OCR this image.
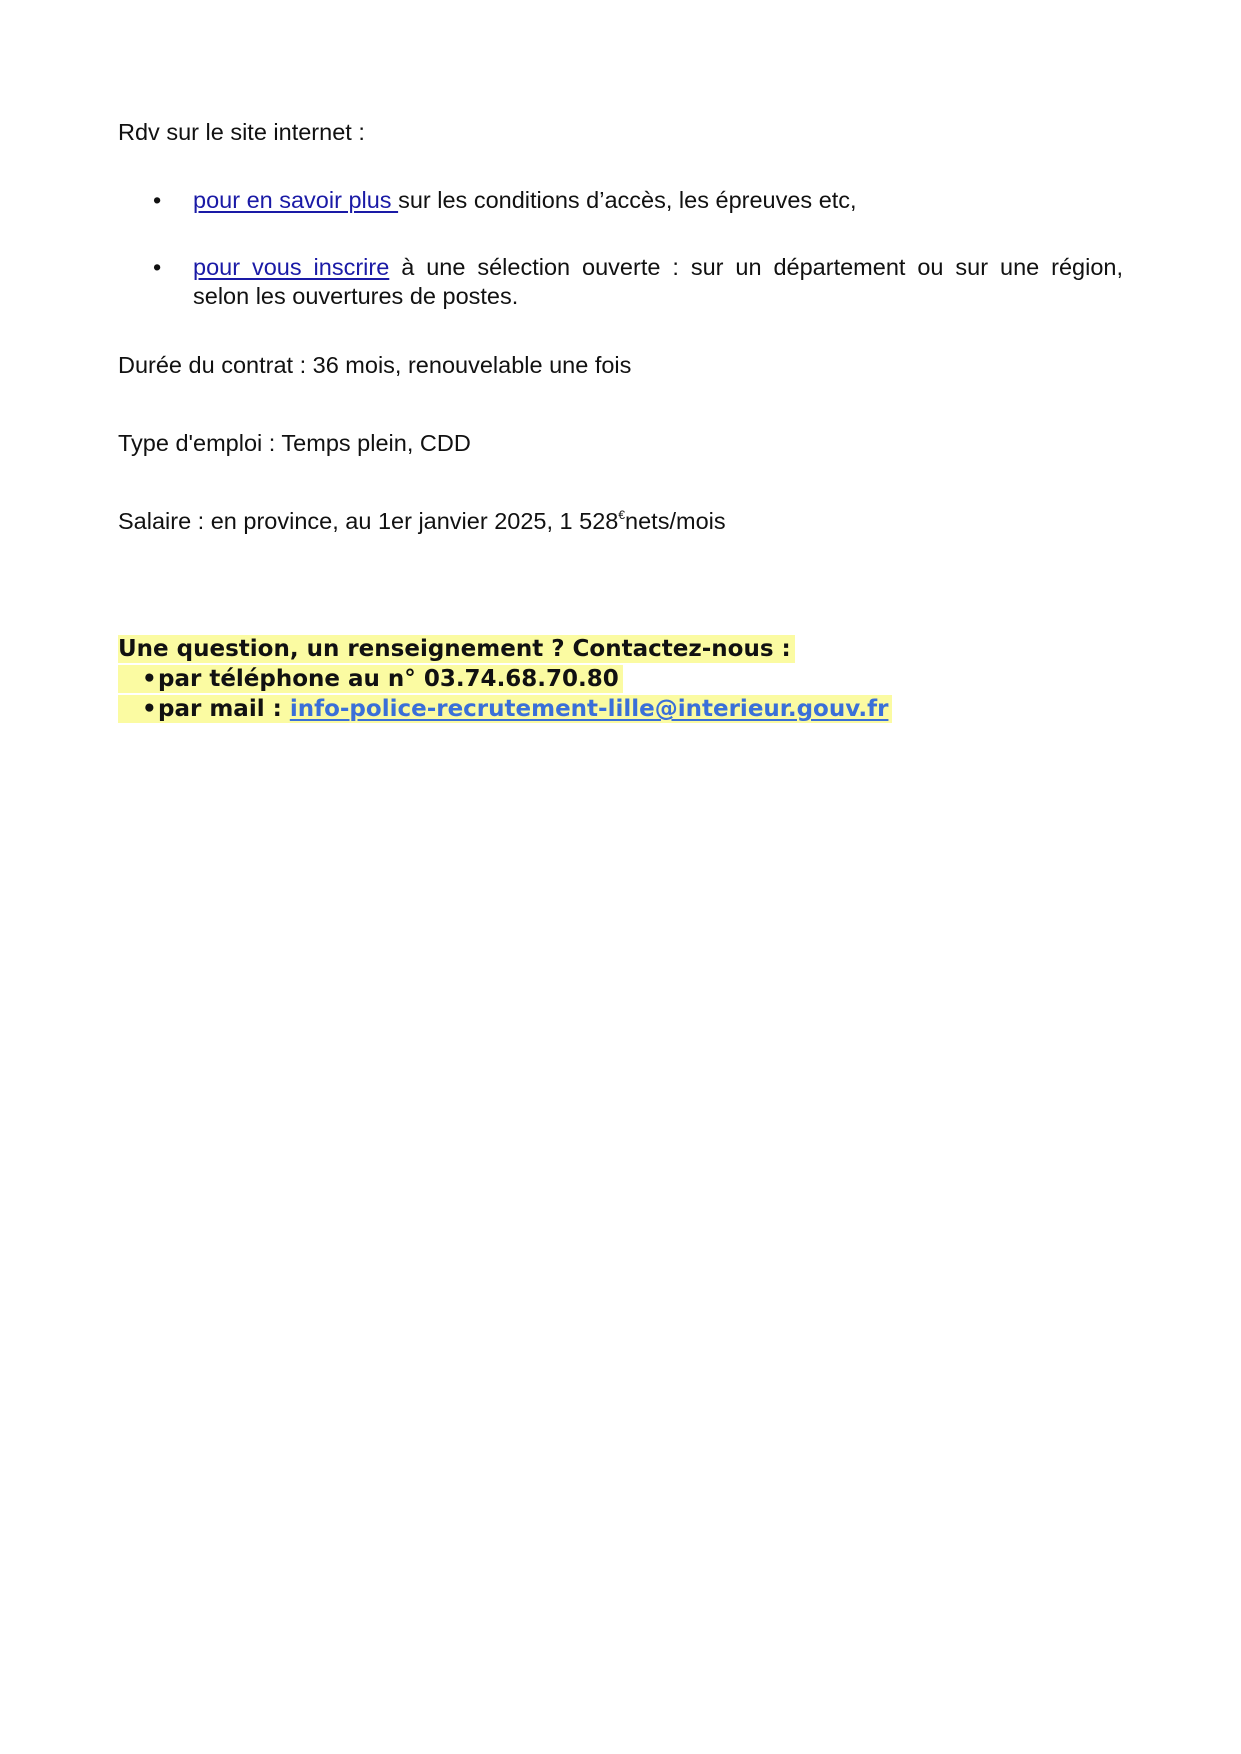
Rdv sur le site internet :
•	pour en savoir plus sur les conditions d’accès, les épreuves etc,
•	pour vous inscrire à une sélection ouverte : sur un département ou sur une région,
selon les ouvertures de postes.
Durée du contrat : 36 mois, renouvelable une fois
Type d'emploi : Temps plein, CDD
Salaire : en province, au 1er janvier 2025, 1 528€nets/mois
Une question, un renseignement ? Contactez-nous :
•par téléphone au n° 03.74.68.70.80
•par mail : info-police-recrutement-lille@interieur.gouv.fr
